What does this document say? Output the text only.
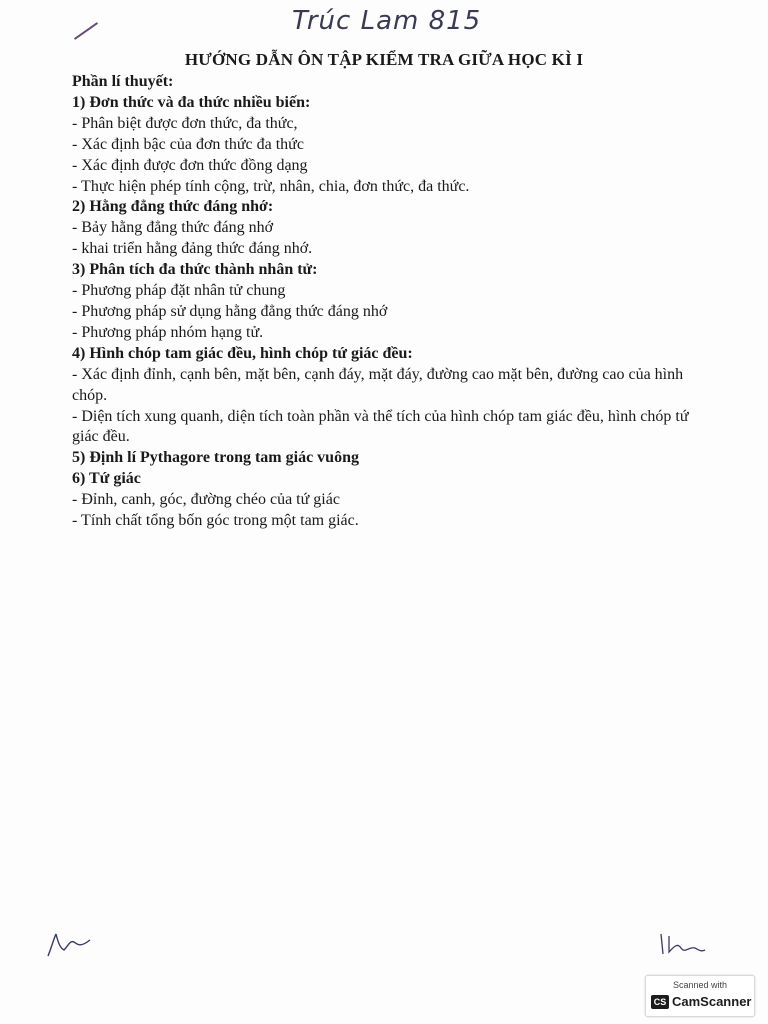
Trúc Lam 815
HƯỚNG DẪN ÔN TẬP KIỂM TRA GIỮA HỌC KÌ I
Phần lí thuyết:
1) Đơn thức và đa thức nhiều biến:
- Phân biệt được đơn thức, đa thức,
- Xác định bậc của đơn thức đa thức
- Xác định được đơn thức đồng dạng
- Thực hiện phép tính cộng, trừ, nhân, chia, đơn thức, đa thức.
2) Hằng đẳng thức đáng nhớ:
- Bảy hằng đẳng thức đáng nhớ
- khai triển hằng đảng thức đáng nhớ.
3) Phân tích đa thức thành nhân tử:
- Phương pháp đặt nhân tử chung
- Phương pháp sử dụng hằng đẳng thức đáng nhớ
- Phương pháp nhóm hạng tử.
4) Hình chóp tam giác đều, hình chóp tứ giác đều:
- Xác định đỉnh, cạnh bên, mặt bên, cạnh đáy, mặt đáy, đường cao mặt bên, đường cao của hình chóp.
- Diện tích xung quanh, diện tích toàn phần và thể tích của hình chóp tam giác đều, hình chóp tứ giác đều.
5) Định lí Pythagore trong tam giác vuông
6) Tứ giác
- Đỉnh, canh, góc, đường chéo của tứ giác
- Tính chất tổng bốn góc trong một tam giác.
Scanned with
CS CamScanner
